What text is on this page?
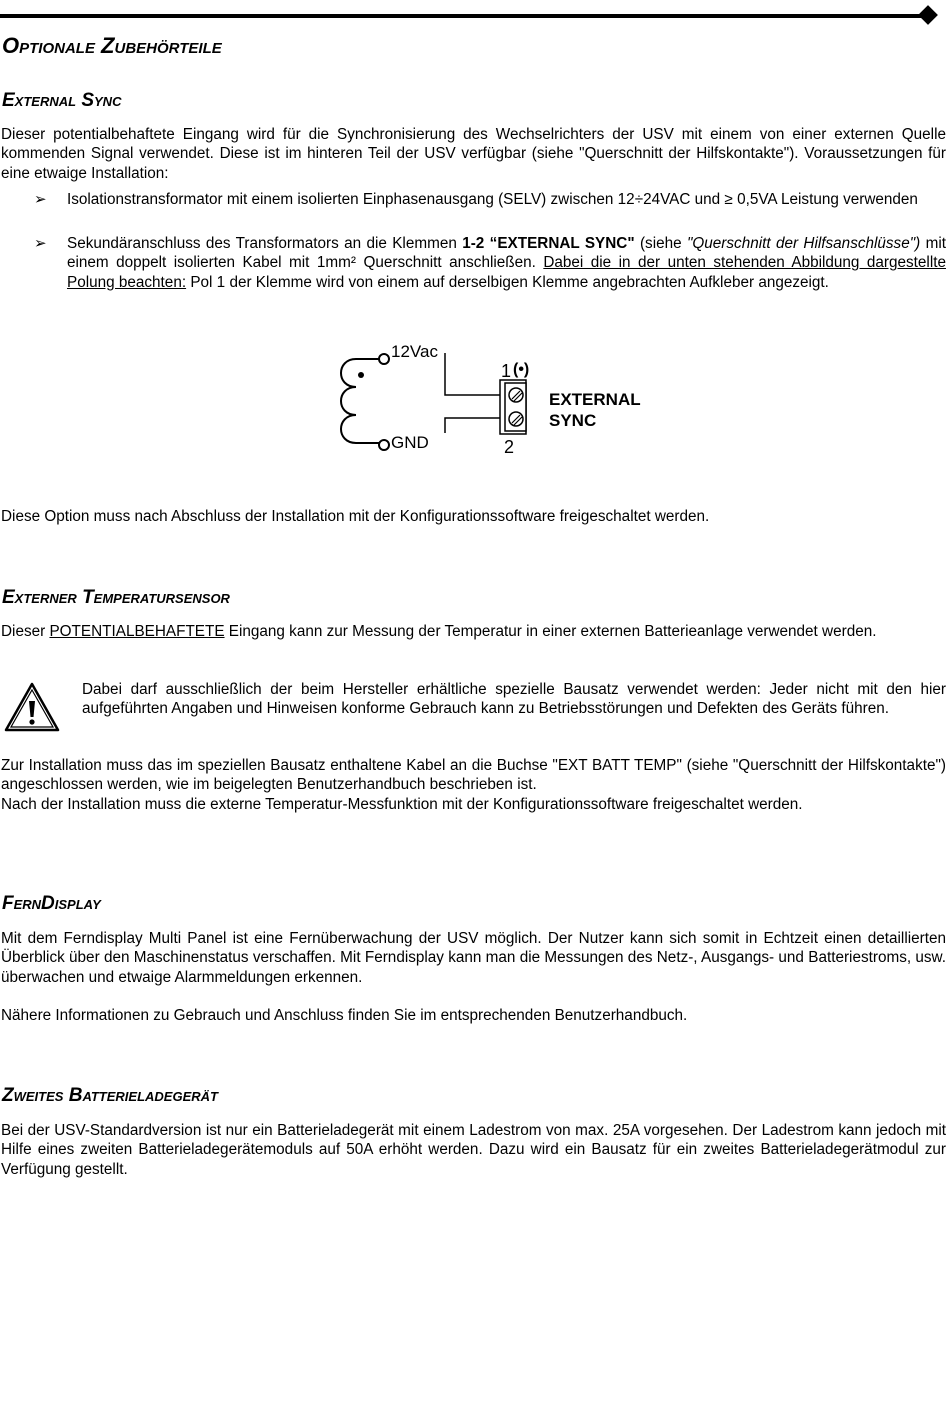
Optionale Zubehörteile
External Sync

Dieser potentialbehaftete Eingang wird für die Synchronisierung des Wechselrichters der USV mit einem von einer externen Quelle kommenden Signal verwendet. Diese ist im hinteren Teil der USV verfügbar (siehe "Querschnitt der Hilfskontakte"). Voraussetzungen für eine etwaige Installation:

➢ Isolationstransformator mit einem isolierten Einphasenausgang (SELV) zwischen 12÷24VAC und ≥ 0,5VA Leistung verwenden

➢ Sekundäranschluss des Transformators an die Klemmen 1-2 “EXTERNAL SYNC" (siehe "Querschnitt der Hilfsanschlüsse") mit einem doppelt isolierten Kabel mit 1mm² Querschnitt anschließen. Dabei die in der unten stehenden Abbildung dargestellte Polung beachten: Pol 1 der Klemme wird von einem auf derselbigen Klemme angebrachten Aufkleber angezeigt.

12Vac
GND
1 (•)
2
EXTERNAL
SYNC

Diese Option muss nach Abschluss der Installation mit der Konfigurationssoftware freigeschaltet werden.

Externer Temperatursensor

Dieser POTENTIALBEHAFTETE Eingang kann zur Messung der Temperatur in einer externen Batterieanlage verwendet werden.

Dabei darf ausschließlich der beim Hersteller erhältliche spezielle Bausatz verwendet werden: Jeder nicht mit den hier aufgeführten Angaben und Hinweisen konforme Gebrauch kann zu Betriebsstörungen und Defekten des Geräts führen.

Zur Installation muss das im speziellen Bausatz enthaltene Kabel an die Buchse "EXT BATT TEMP" (siehe "Querschnitt der Hilfskontakte") angeschlossen werden, wie im beigelegten Benutzerhandbuch beschrieben ist.

Nach der Installation muss die externe Temperatur-Messfunktion mit der Konfigurationssoftware freigeschaltet werden.

FernDisplay

Mit dem Ferndisplay Multi Panel ist eine Fernüberwachung der USV möglich. Der Nutzer kann sich somit in Echtzeit einen detaillierten Überblick über den Maschinenstatus verschaffen. Mit Ferndisplay kann man die Messungen des Netz-, Ausgangs- und Batteriestroms, usw. überwachen und etwaige Alarmmeldungen erkennen.

Nähere Informationen zu Gebrauch und Anschluss finden Sie im entsprechenden Benutzerhandbuch.

Zweites Batterieladegerät

Bei der USV-Standardversion ist nur ein Batterieladegerät mit einem Ladestrom von max. 25A vorgesehen. Der Ladestrom kann jedoch mit Hilfe eines zweiten Batterieladegerätemoduls auf 50A erhöht werden. Dazu wird ein Bausatz für ein zweites Batterieladegerätmodul zur Verfügung gestellt.
